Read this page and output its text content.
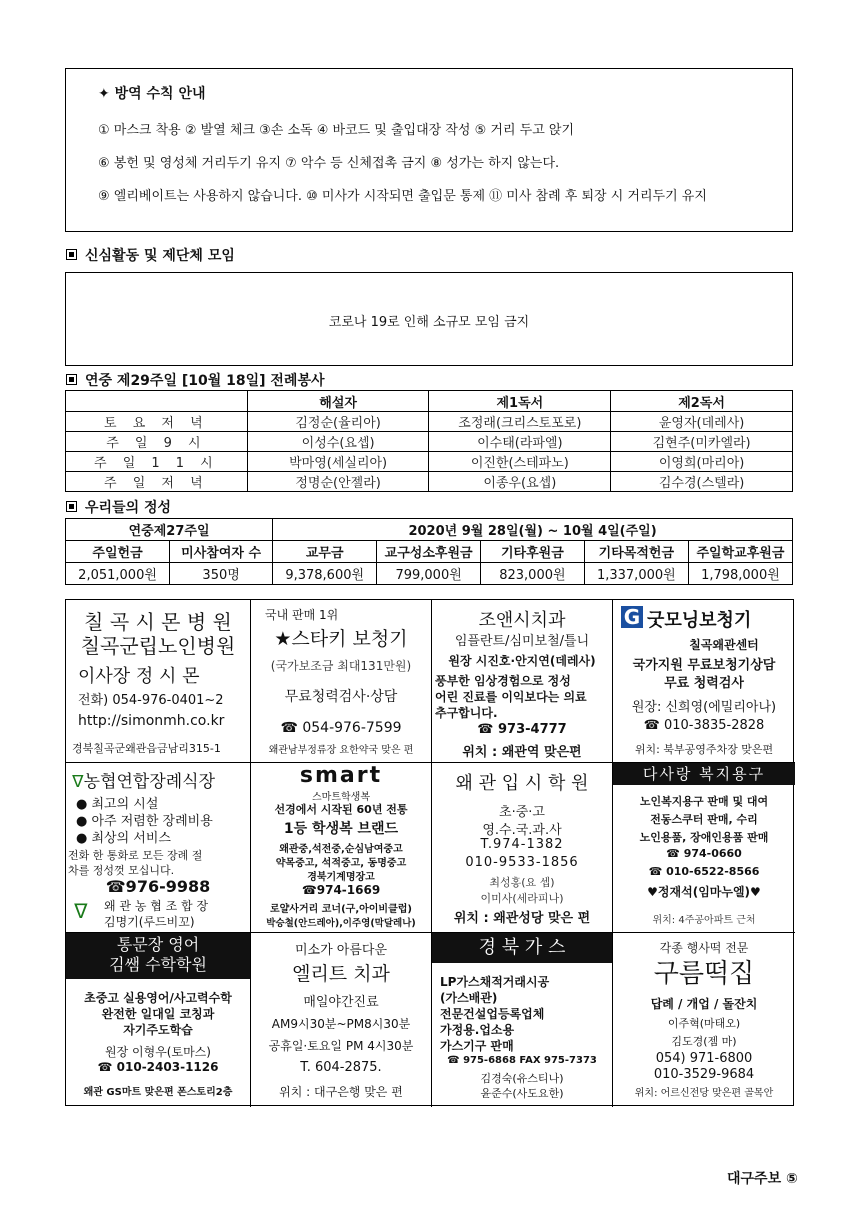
✦ 방역 수칙 안내
① 마스크 착용 ② 발열 체크 ③손 소독 ④ 바코드 및 출입대장 작성 ⑤ 거리 두고 앉기
⑥ 봉헌 및 영성체 거리두기 유지 ⑦ 악수 등 신체접촉 금지 ⑧ 성가는 하지 않는다.
⑨ 엘리베이트는 사용하지 않습니다. ⑩ 미사가 시작되면 출입문 통제 ⑪ 미사 참례 후 퇴장 시 거리두기 유지
신심활동 및 제단체 모임
코로나 19로 인해 소규모 모임 금지
연중 제29주일 [10월 18일] 전례봉사
	해설자	제1독서	제2독서
토 요 저 녁	김정순(율리아)	조정래(크리스토포로)	윤영자(데레사)
주 일 9 시	이성수(요셉)	이수태(라파엘)	김현주(미카엘라)
주 일 1 1 시	박마영(세실리아)	이진한(스테파노)	이영희(마리아)
주 일 저 녁	정명순(안젤라)	이종우(요셉)	김수경(스텔라)
우리들의 정성
연중제27주일		2020년 9월 28일(월) ~ 10월 4일(주일)				
주일헌금	미사참여자 수	교무금	교구성소후원금	기타후원금	기타목적헌금	주일학교후원금
2,051,000원	350명	9,378,600원	799,000원	823,000원	1,337,000원	1,798,000원
칠 곡 시 몬 병 원
칠곡군립노인병원
이사장 정 시 몬
전화) 054-976-0401~2
http://simonmh.co.kr
경북칠곡군왜관읍금남리315-1
국내 판매 1위
★스타키 보청기
(국가보조금 최대131만원)
무료청력검사·상담
☎ 054-976-7599
왜관남부정류장 요한약국 맞은 편
조앤시치과
임플란트/심미보철/틀니
원장 시진호·안지연(데레사)
풍부한 임상경험으로 정성
어린 진료를 이익보다는 의료
추구합니다.
☎ 973-4777
위치 : 왜관역 맞은편
G 굿모닝보청기
칠곡왜관센터
국가지원 무료보청기상담
무료 청력검사
원장: 신희영(에밀리아나)
☎ 010-3835-2828
위치: 북부공영주차장 맞은편
ᐁ농협연합장례식장
● 최고의 시설
● 아주 저렴한 장례비용
● 최상의 서비스
전화 한 통화로 모든 장례 절
차를 정성껏 모십니다.
☎976-9988
ᐁ 왜 관 농 협 조 합 장
김명기(루드비꼬)
smart
스마트학생복
선경에서 시작된 60년 전통
1등 학생복 브랜드
왜관중,석전중,순심남여중고
약목중고, 석적중고, 동명중고
경북기계명장고
☎974-1669
로얄사거리 코너(구,아이비클럽)
박승철(안드레아),이주영(막달레나)
왜 관 입 시 학 원
초·중·고
영.수.국.과.사
T.974-1382
010-9533-1856
최성홍(요 셉)
이미사(세라피나)
위치 : 왜관성당 맞은 편
다사랑 복지용구
노인복지용구 판매 및 대여
전동스쿠터 판매, 수리
노인용품, 장애인용품 판매
☎ 974-0660
☎ 010-6522-8566
♥정재석(임마누엘)♥
위치: 4주공아파트 근처
통문장 영어
김쌤 수학학원
초중고 실용영어/사고력수학
완전한 일대일 코칭과
자기주도학습
원장 이형우(토마스)
☎ 010-2403-1126
왜관 GS마트 맞은편 폰스토리2층
미소가 아름다운
엘리트 치과
매일야간진료
AM9시30분~PM8시30분
공휴일·토요일 PM 4시30분
T. 604-2875.
위치 : 대구은행 맞은 편
경 북 가 스
LP가스채적거래시공
(가스배관)
전문건설업등록업체
가정용.업소용
가스기구 판매
☎ 975-6868 FAX 975-7373
김경숙(유스티나)
윤준수(사도요한)
각종 행사떡 전문
구름떡집
답례 / 개업 / 돌잔치
이주혁(마태오)
김도경(젬 마)
054) 971-6800
010-3529-9684
위치: 어르신전당 맞은편 골목안
대구주보 ⑤
